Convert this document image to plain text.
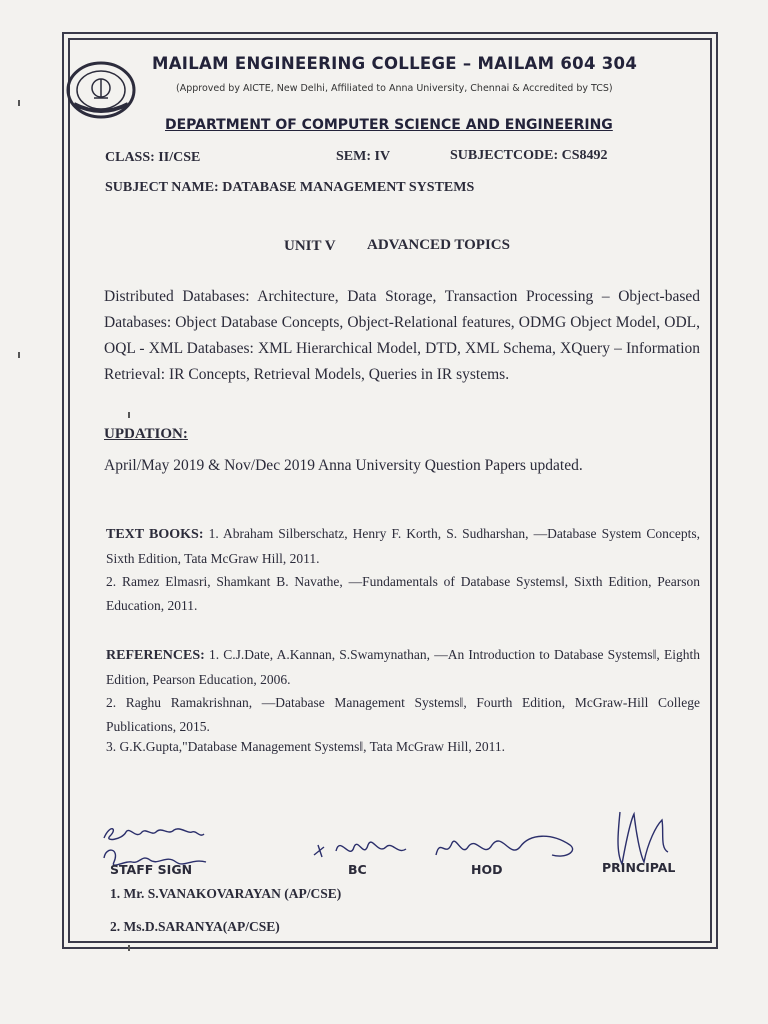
MAILAM ENGINEERING COLLEGE – MAILAM 604 304
(Approved by AICTE, New Delhi, Affiliated to Anna University, Chennai & Accredited by TCS)
DEPARTMENT OF COMPUTER SCIENCE AND ENGINEERING
CLASS: II/CSE	SEM: IV	SUBJECTCODE: CS8492
SUBJECT NAME: DATABASE MANAGEMENT SYSTEMS
UNIT V ADVANCED TOPICS
Distributed Databases: Architecture, Data Storage, Transaction Processing – Object-based Databases: Object Database Concepts, Object-Relational features, ODMG Object Model, ODL, OQL - XML Databases: XML Hierarchical Model, DTD, XML Schema, XQuery – Information Retrieval: IR Concepts, Retrieval Models, Queries in IR systems.
UPDATION:
April/May 2019 & Nov/Dec 2019 Anna University Question Papers updated.
TEXT BOOKS: 1. Abraham Silberschatz, Henry F. Korth, S. Sudharshan, ―Database System Concepts, Sixth Edition, Tata McGraw Hill, 2011.
2. Ramez Elmasri, Shamkant B. Navathe, ―Fundamentals of Database Systemsǁ, Sixth Edition, Pearson Education, 2011.
REFERENCES: 1. C.J.Date, A.Kannan, S.Swamynathan, ―An Introduction to Database Systemsǁ, Eighth Edition, Pearson Education, 2006.
2. Raghu Ramakrishnan, ―Database Management Systemsǁ, Fourth Edition, McGraw-Hill College Publications, 2015.
3. G.K.Gupta,"Database Management Systemsǁ, Tata McGraw Hill, 2011.
STAFF SIGN	BC	HOD	PRINCIPAL
1. Mr. S.VANAKOVARAYAN (AP/CSE)
2. Ms.D.SARANYA(AP/CSE)
